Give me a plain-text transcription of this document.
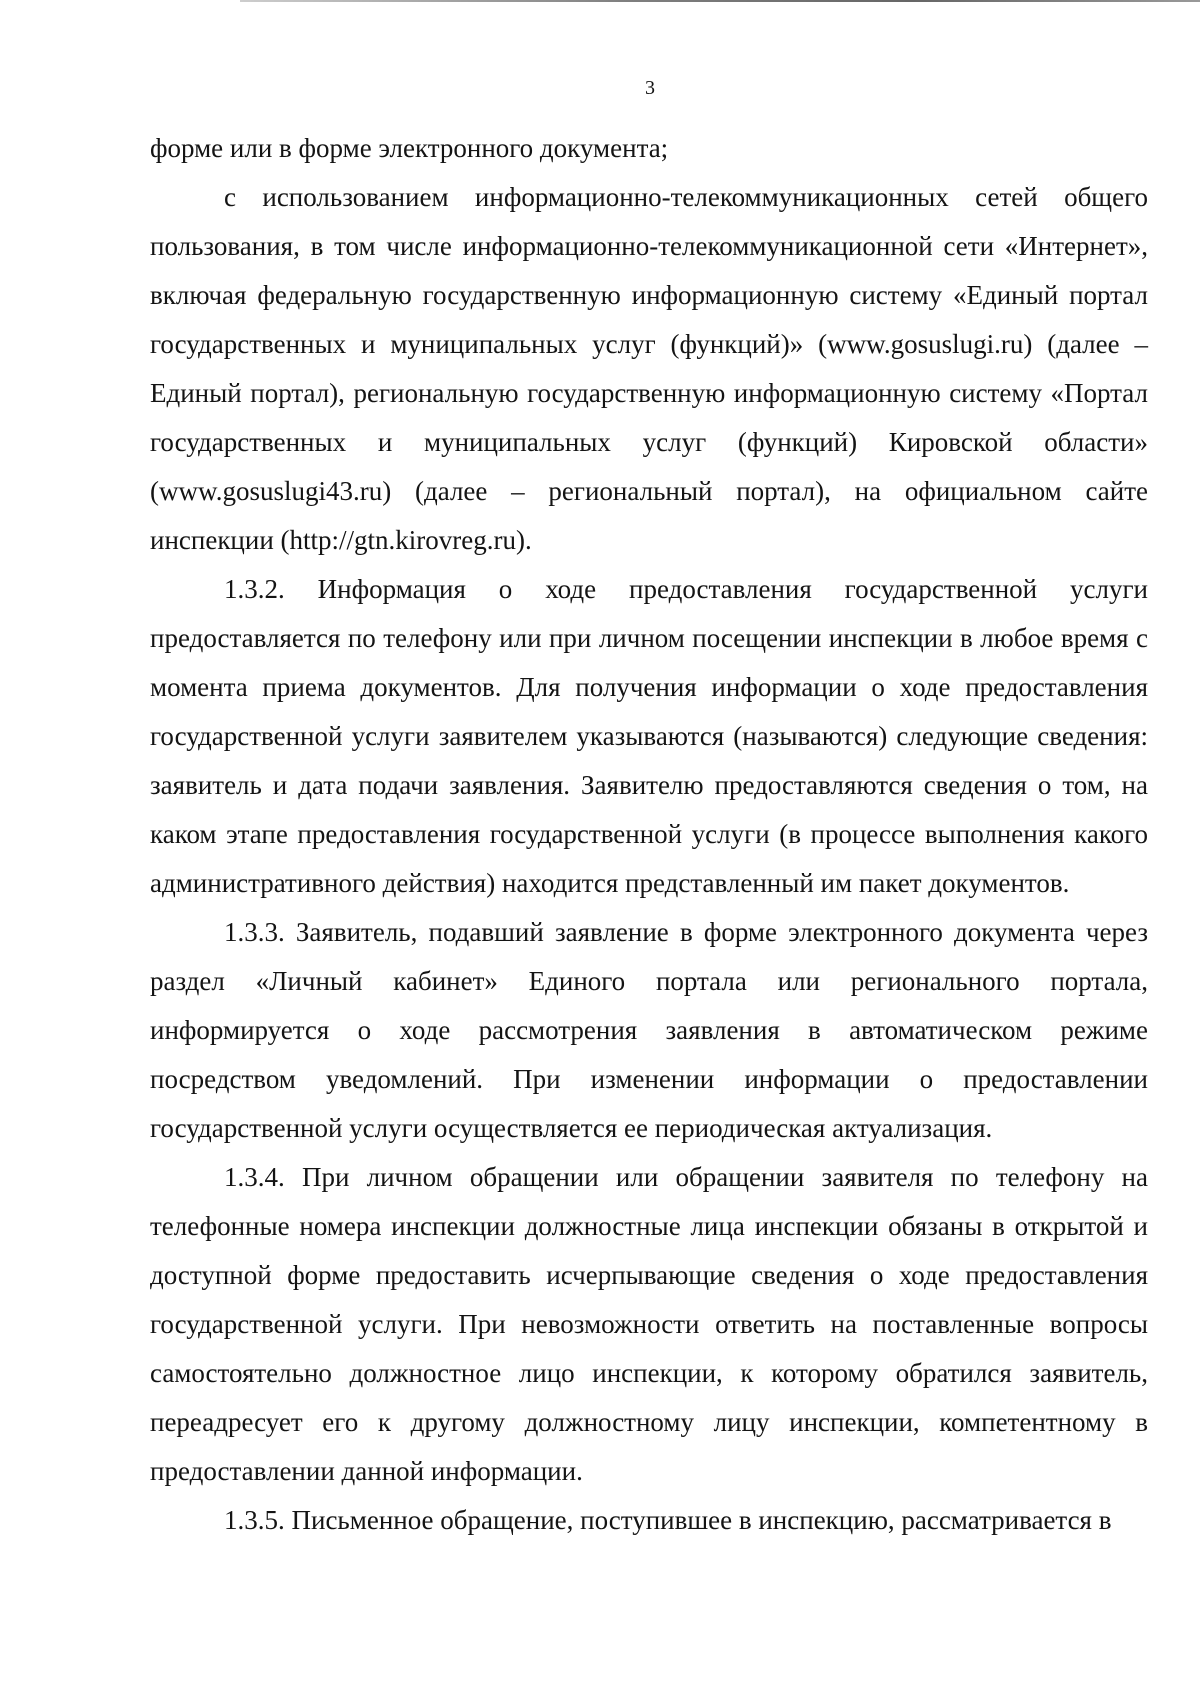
3

форме или в форме электронного документа;

с использованием информационно-телекоммуникационных сетей общего пользования, в том числе информационно-телекоммуникационной сети «Интернет», включая федеральную государственную информационную систему «Единый портал государственных и муниципальных услуг (функций)» (www.gosuslugi.ru) (далее – Единый портал), региональную государственную информационную систему «Портал государственных и муниципальных услуг (функций) Кировской области» (www.gosuslugi43.ru) (далее – региональный портал), на официальном сайте инспекции (http://gtn.kirovreg.ru).

1.3.2. Информация о ходе предоставления государственной услуги предоставляется по телефону или при личном посещении инспекции в любое время с момента приема документов. Для получения информации о ходе предоставления государственной услуги заявителем указываются (называются) следующие сведения: заявитель и дата подачи заявления. Заявителю предоставляются сведения о том, на каком этапе предоставления государственной услуги (в процессе выполнения какого административного действия) находится представленный им пакет документов.

1.3.3. Заявитель, подавший заявление в форме электронного документа через раздел «Личный кабинет» Единого портала или регионального портала, информируется о ходе рассмотрения заявления в автоматическом режиме посредством уведомлений. При изменении информации о предоставлении государственной услуги осуществляется ее периодическая актуализация.

1.3.4. При личном обращении или обращении заявителя по телефону на телефонные номера инспекции должностные лица инспекции обязаны в открытой и доступной форме предоставить исчерпывающие сведения о ходе предоставления государственной услуги. При невозможности ответить на поставленные вопросы самостоятельно должностное лицо инспекции, к которому обратился заявитель, переадресует его к другому должностному лицу инспекции, компетентному в предоставлении данной информации.

1.3.5. Письменное обращение, поступившее в инспекцию, рассматривается в
